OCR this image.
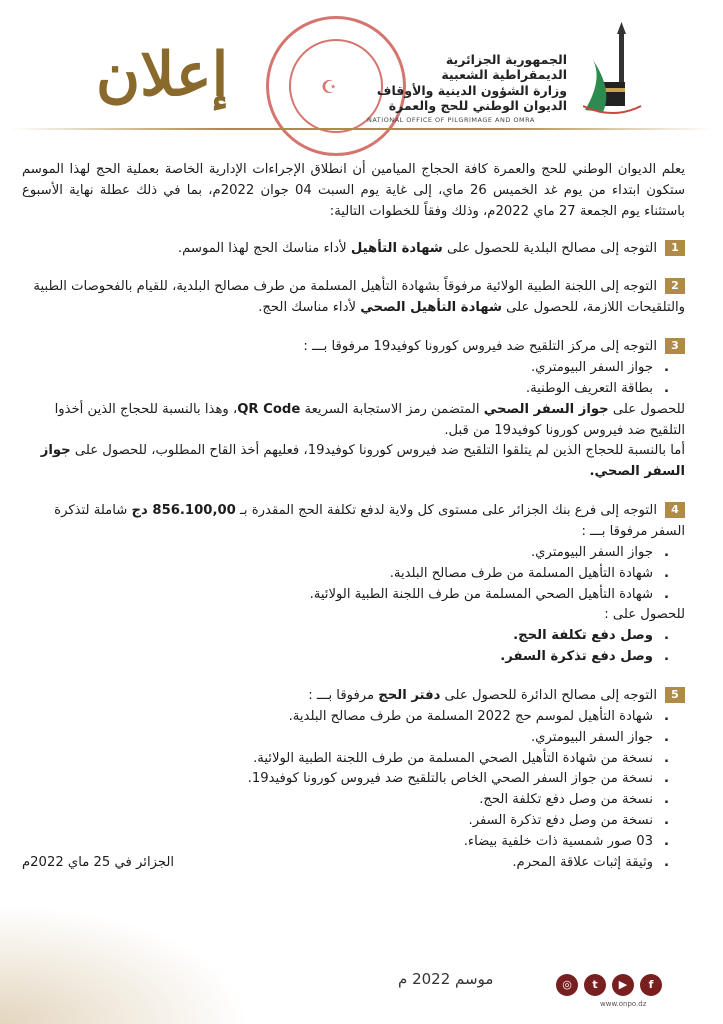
إعلان	☪
الجمهورية الجزائرية الديمقراطية الشعبية
وزارة الشؤون الدينية والأوقاف
الديوان الوطني للحج والعمرة
NATIONAL OFFICE OF PILGRIMAGE AND OMRA

يعلم الديوان الوطني للحج والعمرة كافة الحجاج الميامين أن انطلاق الإجراءات الإدارية الخاصة بعملية الحج لهذا الموسم ستكون ابتداء من يوم غد الخميس 26 ماي، إلى غاية يوم السبت 04 جوان 2022م، بما في ذلك عطلة نهاية الأسبوع باستثناء يوم الجمعة 27 ماي 2022م، وذلك وفقاً للخطوات التالية:

1التوجه إلى مصالح البلدية للحصول على شهادة التأهيل لأداء مناسك الحج لهذا الموسم.
2التوجه إلى اللجنة الطبية الولائية مرفوقاً بشهادة التأهيل المسلمة من طرف مصالح البلدية، للقيام بالفحوصات الطبية والتلقيحات اللازمة، للحصول على شهادة التأهيل الصحي لأداء مناسك الحج.
3التوجه إلى مركز التلقيح ضد فيروس كورونا كوفيد19 مرفوقا بـــ :
. جواز السفر البيومتري.
. بطاقة التعريف الوطنية.
للحصول على جواز السفر الصحي المتضمن رمز الاستجابة السريعة QR Code، وهذا بالنسبة للحجاج الذين أخذوا التلقيح ضد فيروس كورونا كوفيد19 من قبل.
أما بالنسبة للحجاج الذين لم يتلقوا التلقيح ضد فيروس كورونا كوفيد19، فعليهم أخذ القاح المطلوب، للحصول على جواز السفر الصحي.
4التوجه إلى فرع بنك الجزائر على مستوى كل ولاية لدفع تكلفة الحج المقدرة بـ 856.100,00 دج شاملة لتذكرة السفر مرفوقا بـــ :
. جواز السفر البيومتري.
. شهادة التأهيل المسلمة من طرف مصالح البلدية.
. شهادة التأهيل الصحي المسلمة من طرف اللجنة الطبية الولائية.
للحصول على :
. وصل دفع تكلفة الحج.
. وصل دفع تذكرة السفر.
5التوجه إلى مصالح الدائرة للحصول على دفتر الحج مرفوقا بـــ :
. شهادة التأهيل لموسم حج 2022 المسلمة من طرف مصالح البلدية.
. جواز السفر البيومتري.
. نسخة من شهادة التأهيل الصحي المسلمة من طرف اللجنة الطبية الولائية.
. نسخة من جواز السفر الصحي الخاص بالتلقيح ضد فيروس كورونا كوفيد19.
. نسخة من وصل دفع تكلفة الحج.
. نسخة من وصل دفع تذكرة السفر.
. 03 صور شمسية ذات خلفية بيضاء.
. وثيقة إثبات علاقة المحرم.
الجزائر في 25 ماي 2022م
موسم 2022 م	◎	t	▶	f
www.onpo.dz
